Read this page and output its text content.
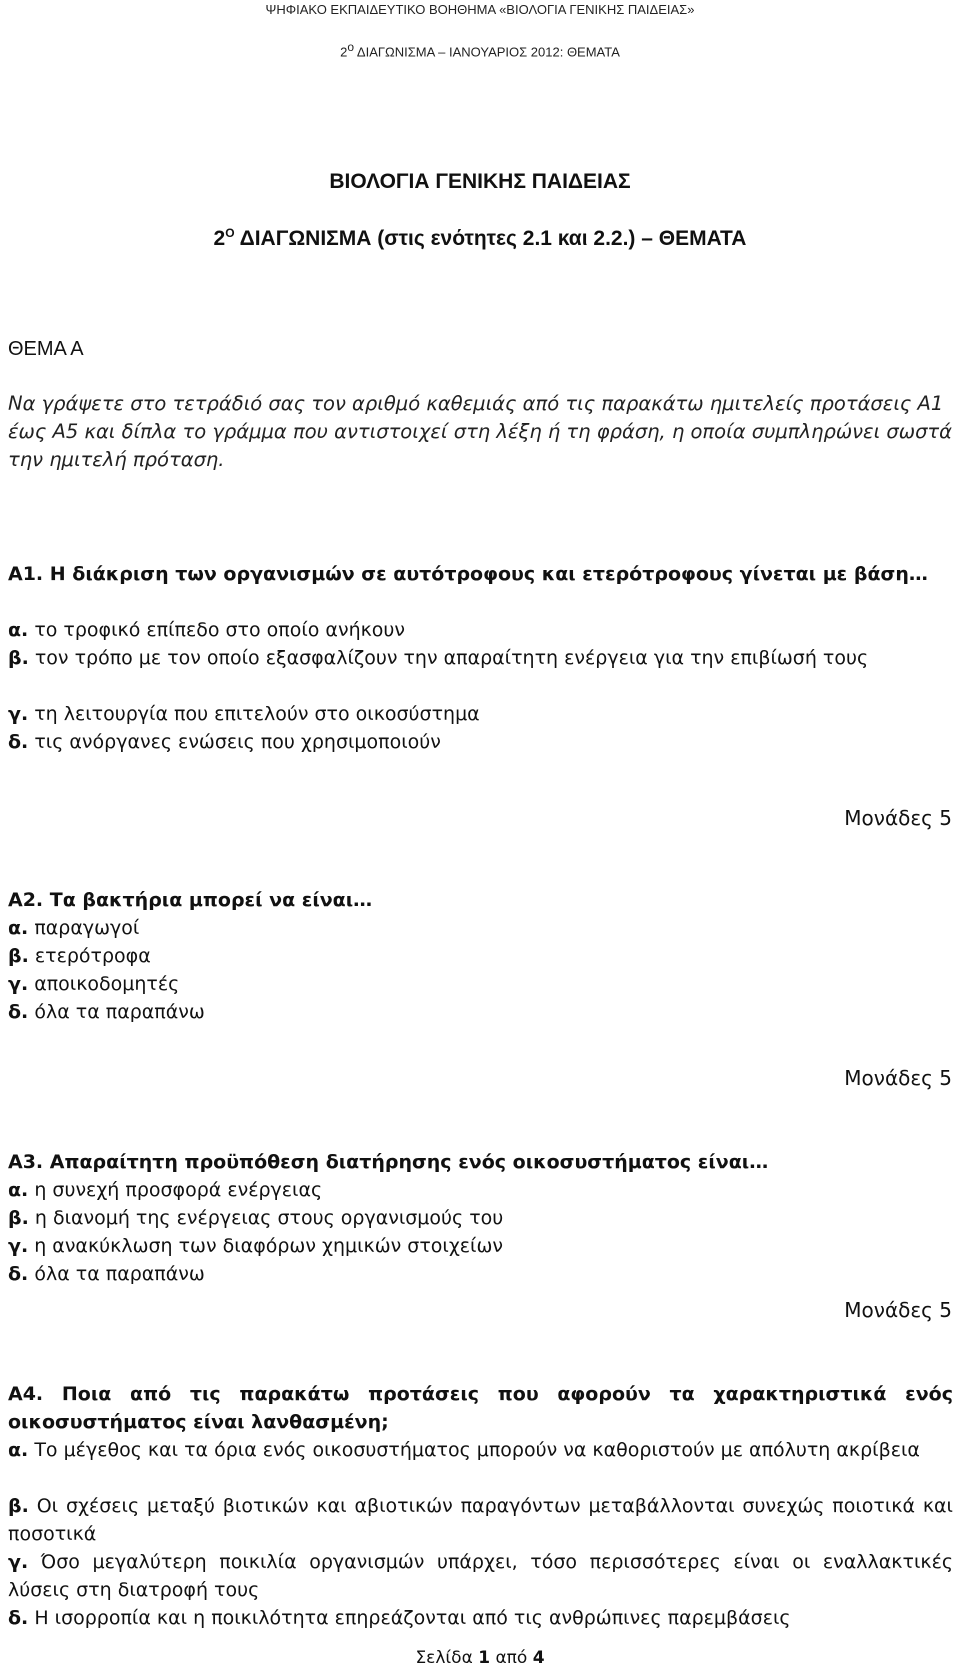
ΨΗΦΙΑΚΟ ΕΚΠΑΙΔΕΥΤΙΚΟ ΒΟΗΘΗΜΑ «ΒΙΟΛΟΓΙΑ ΓΕΝΙΚΗΣ ΠΑΙΔΕΙΑΣ»
$2^o$ ΔΙΑΓΩΝΙΣΜΑ – ΙΑΝΟΥΑΡΙΟΣ 2012: ΘΕΜΑΤΑ
ΒΙΟΛΟΓΙΑ ΓΕΝΙΚΗΣ ΠΑΙΔΕΙΑΣ
$2^O$ ΔΙΑΓΩΝΙΣΜΑ (στις ενότητες 2.1 και 2.2.) – ΘΕΜΑΤΑ
ΘΕΜΑ Α
Να γράψετε στο τετράδιό σας τον αριθμό καθεμιάς από τις παρακάτω ημιτελείς προτάσεις Α1 έως Α5 και δίπλα το γράμμα που αντιστοιχεί στη λέξη ή τη φράση, η οποία συμπληρώνει σωστά την ημιτελή πρόταση.
Α1. Η διάκριση των οργανισμών σε αυτότροφους και ετερότροφους γίνεται με βάση…
α. το τροφικό επίπεδο στο οποίο ανήκουν
β. τον τρόπο με τον οποίο εξασφαλίζουν την απαραίτητη ενέργεια για την επιβίωσή τους
γ. τη λειτουργία που επιτελούν στο οικοσύστημα
δ. τις ανόργανες ενώσεις που χρησιμοποιούν
Μονάδες 5
Α2. Τα βακτήρια μπορεί να είναι…
α. παραγωγοί
β. ετερότροφα
γ. αποικοδομητές
δ. όλα τα παραπάνω
Μονάδες 5
Α3. Απαραίτητη προϋπόθεση διατήρησης ενός οικοσυστήματος είναι…
α. η συνεχή προσφορά ενέργειας
β. η διανομή της ενέργειας στους οργανισμούς του
γ. η ανακύκλωση των διαφόρων χημικών στοιχείων
δ. όλα τα παραπάνω
Μονάδες 5
Α4. Ποια από τις παρακάτω προτάσεις που αφορούν τα χαρακτηριστικά ενός οικοσυστήματος είναι λανθασμένη;
α. Το μέγεθος και τα όρια ενός οικοσυστήματος μπορούν να καθοριστούν με απόλυτη ακρίβεια
β. Οι σχέσεις μεταξύ βιοτικών και αβιοτικών παραγόντων μεταβάλλονται συνεχώς ποιοτικά και ποσοτικά
γ. Όσο μεγαλύτερη ποικιλία οργανισμών υπάρχει, τόσο περισσότερες είναι οι εναλλακτικές λύσεις στη διατροφή τους
δ. Η ισορροπία και η ποικιλότητα επηρεάζονται από τις ανθρώπινες παρεμβάσεις
Σελίδα 1 από 4
